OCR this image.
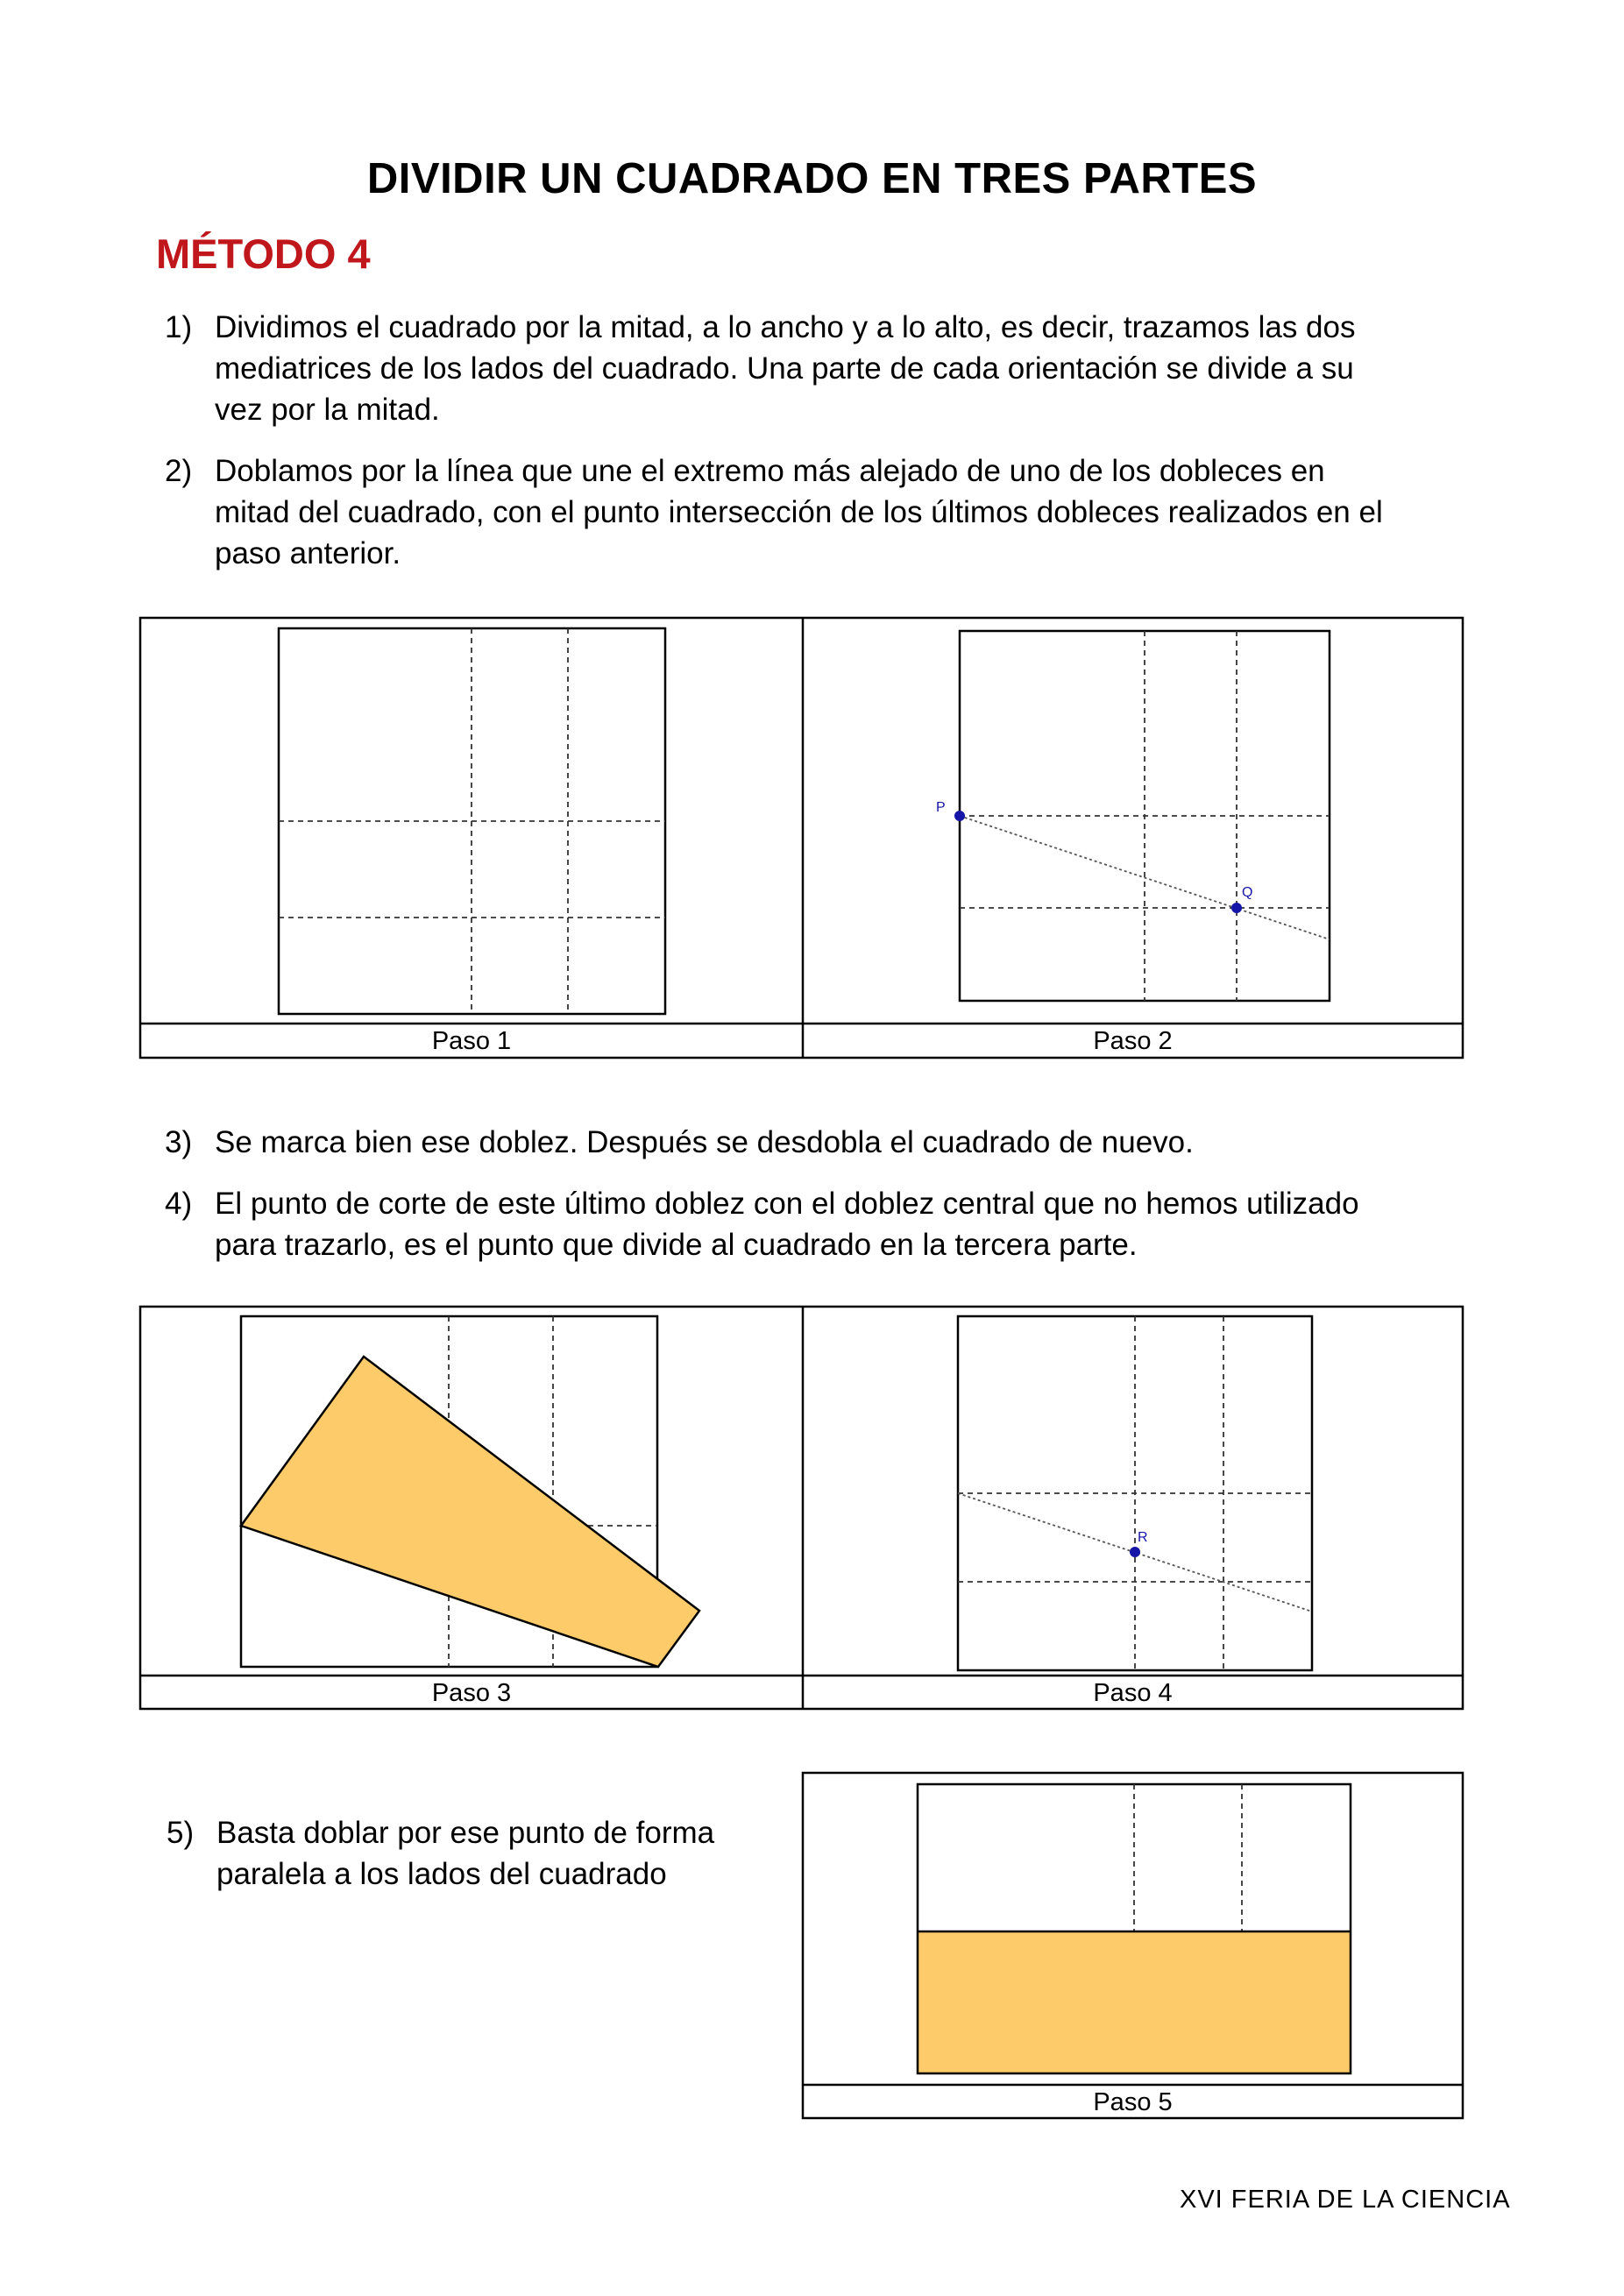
DIVIDIR UN CUADRADO EN TRES PARTES
MÉTODO 4
1) Dividimos el cuadrado por la mitad, a lo ancho y a lo alto, es decir, trazamos las dos
mediatrices de los lados del cuadrado. Una parte de cada orientación se divide a su
vez por la mitad.
2) Doblamos por la línea que une el extremo más alejado de uno de los dobleces en
mitad del cuadrado, con el punto intersección de los últimos dobleces realizados en el
paso anterior.
P
Q
R
Paso 1	Paso 2
Paso 3	Paso 4
Paso 5
3) Se marca bien ese doblez. Después se desdobla el cuadrado de nuevo.
4) El punto de corte de este último doblez con el doblez central que no hemos utilizado
para trazarlo, es el punto que divide al cuadrado en la tercera parte.
5) Basta doblar por ese punto de forma
paralela a los lados del cuadrado
XVI FERIA DE LA CIENCIA
